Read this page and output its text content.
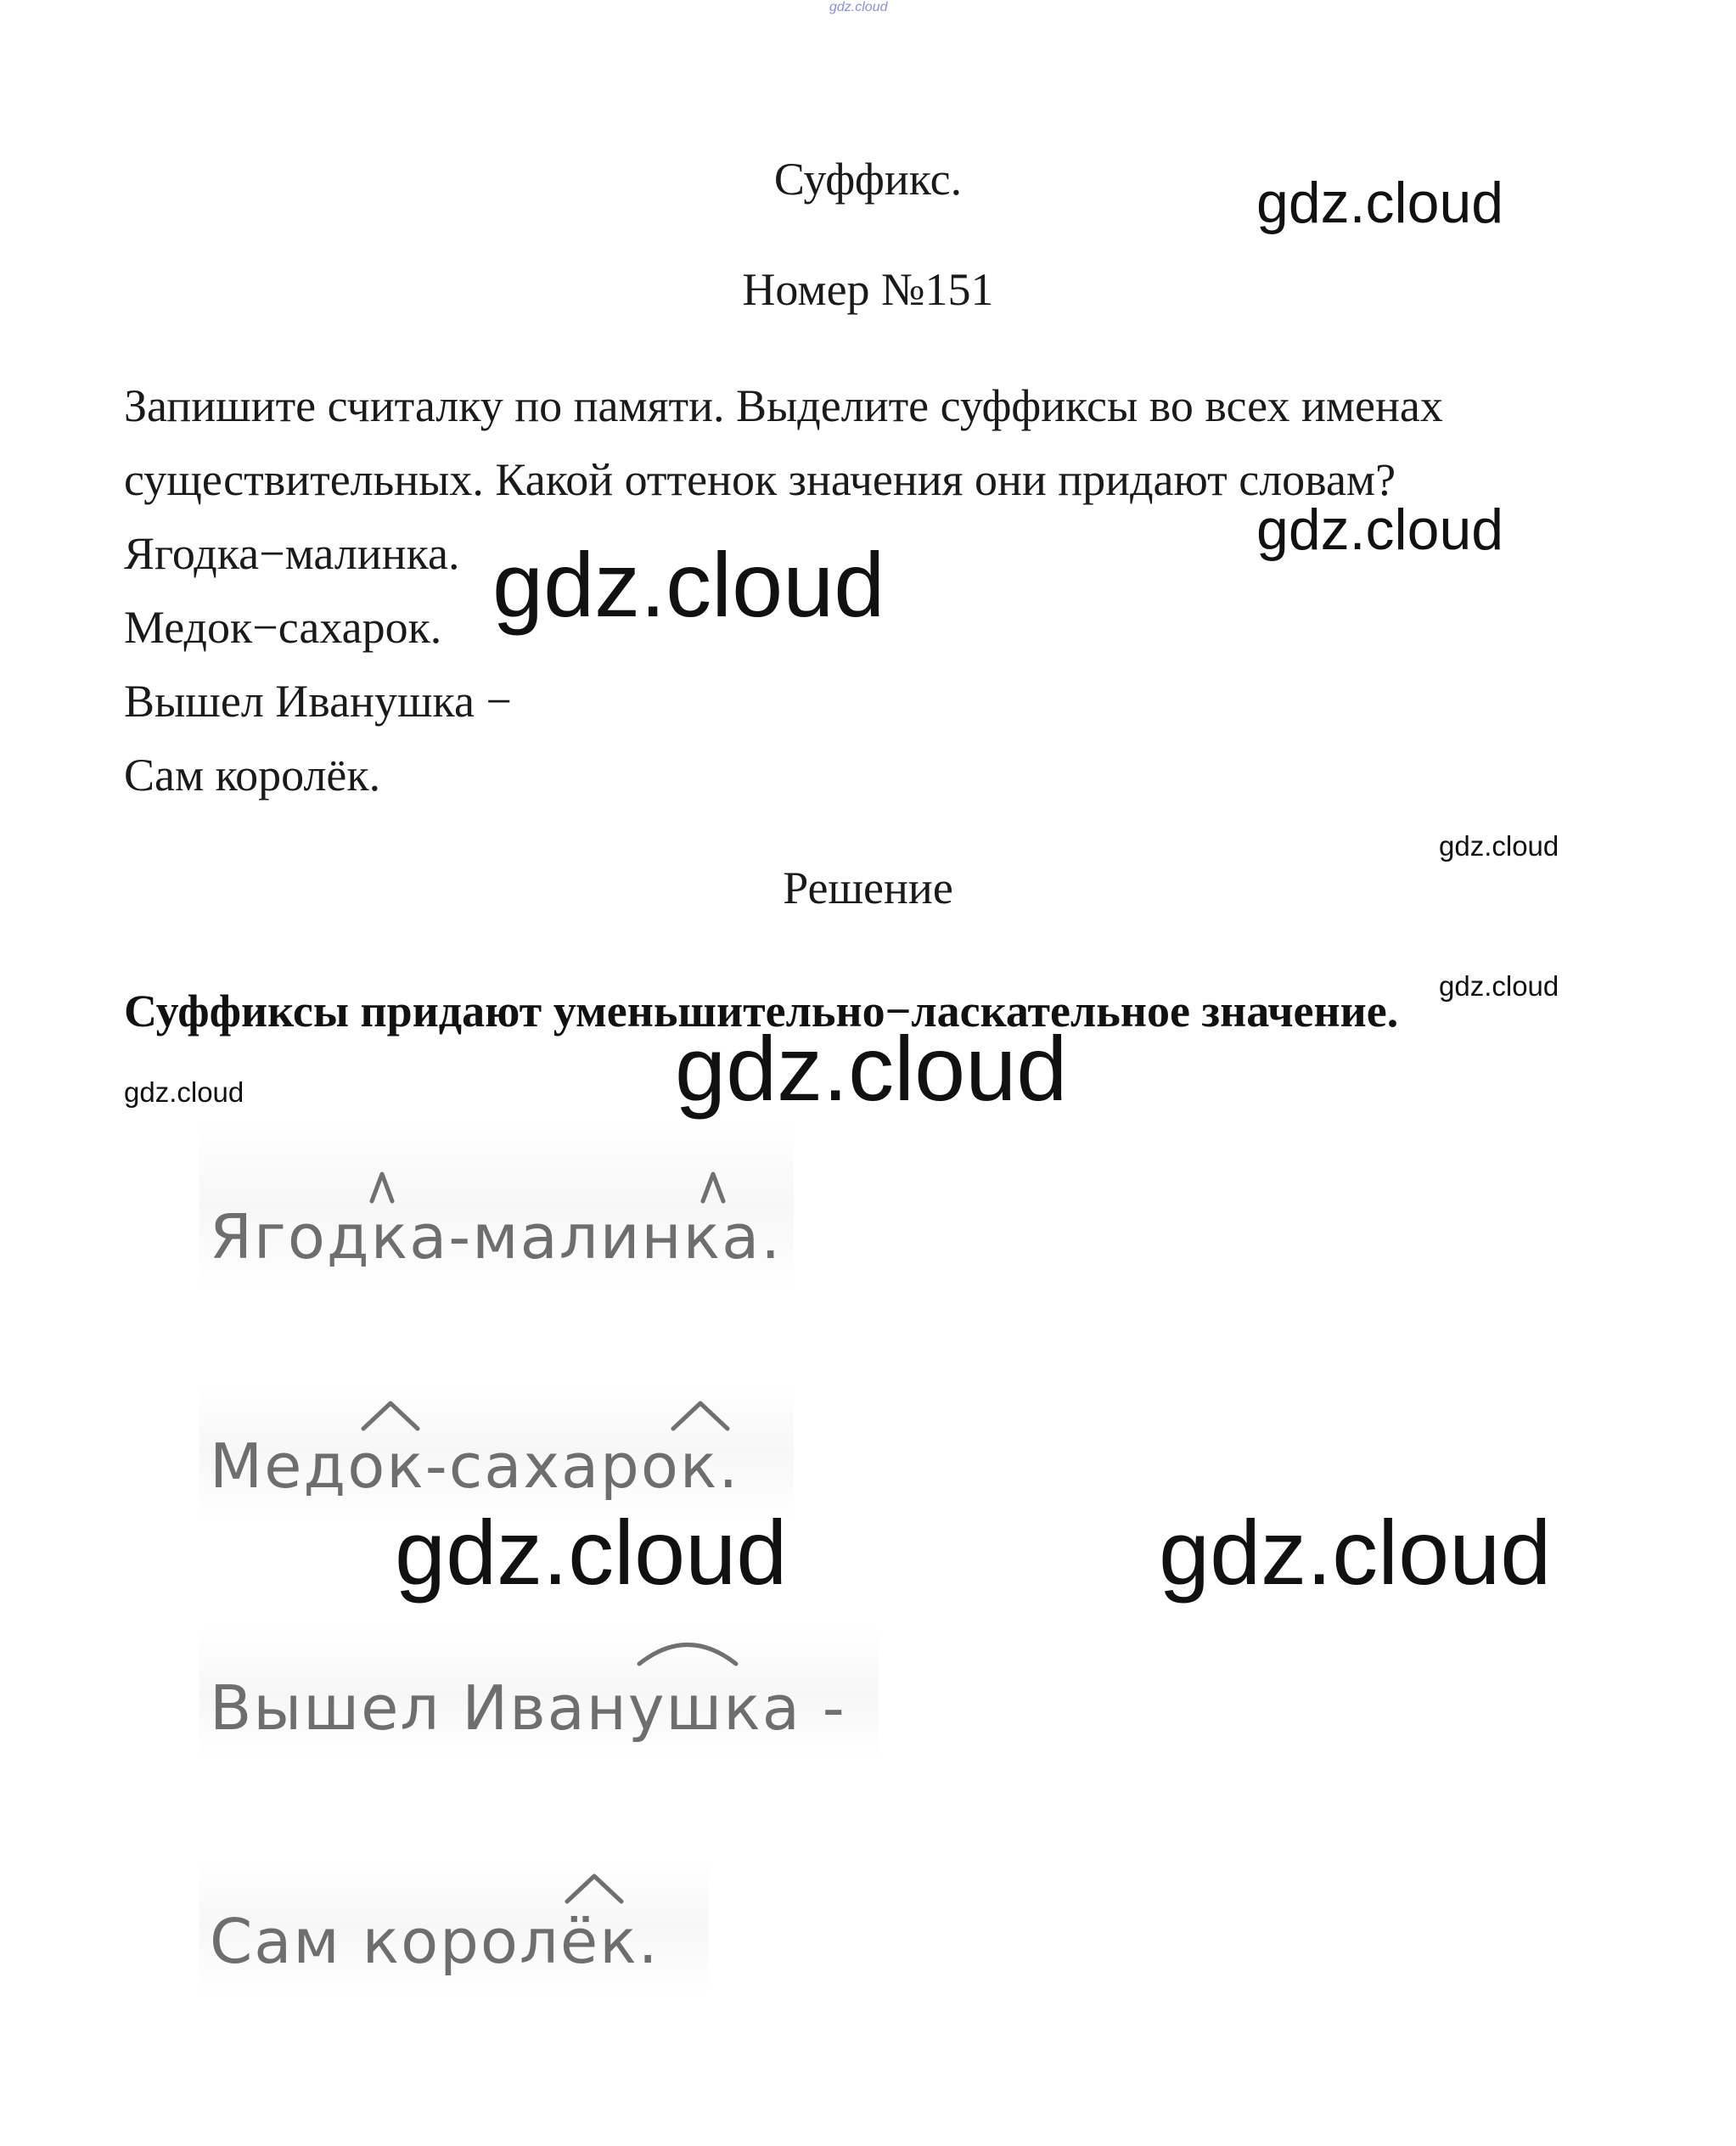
gdz.cloud
Суффикс.
Номер №151
Запишите считалку по памяти. Выделите суффиксы во всех именах
существительных. Какой оттенок значения они придают словам?
Ягодка−малинка.
Медок−сахарок.
Вышел Иванушка −
Сам королёк.
Решение
Суффиксы придают уменьшительно−ласкательное значение.
Ягодка-малинка.
Медок-сахарок.
Вышел Иванушка -
Сам королёк.
gdz.cloud
gdz.cloud
gdz.cloud
gdz.cloud
gdz.cloud
gdz.cloud
gdz.cloud
gdz.cloud	gdz.cloud
